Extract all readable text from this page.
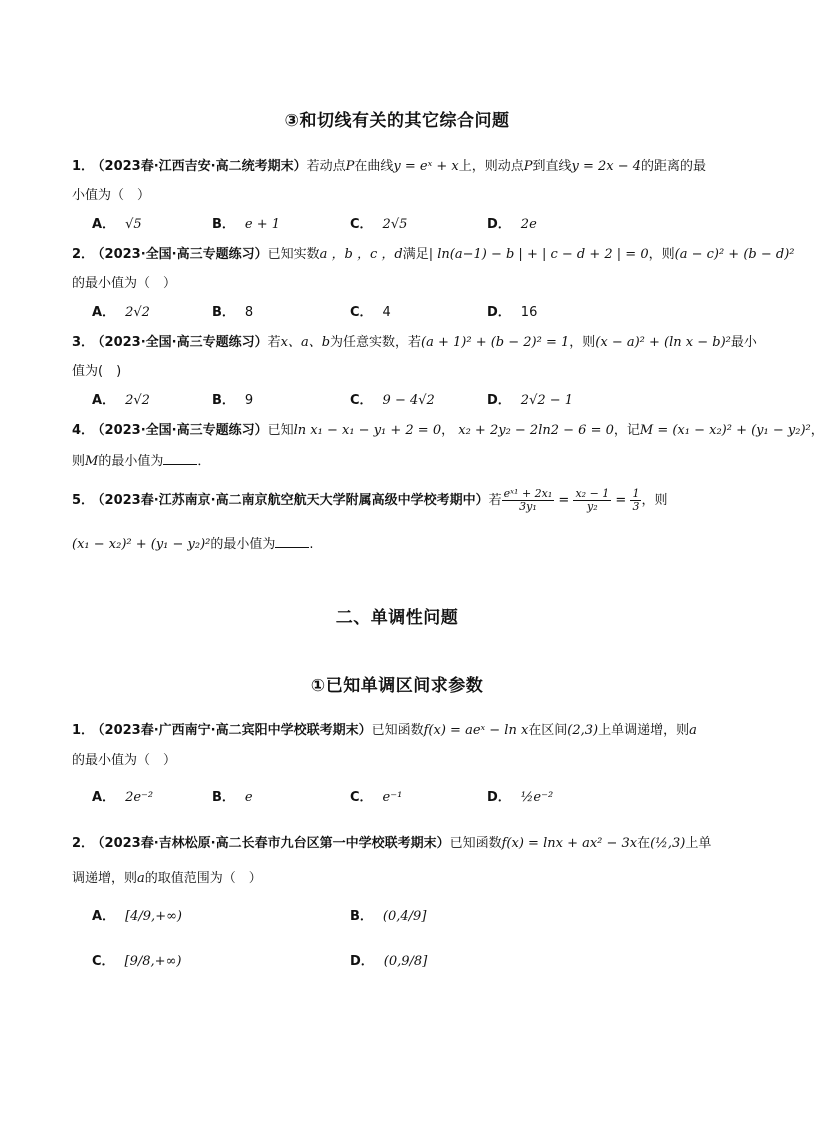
③和切线有关的其它综合问题
1． （2023春·江西吉安·高二统考期末）若动点P在曲线y = eˣ + x上，则动点P到直线y = 2x − 4的距离的最
小值为（　）
A． √5	B． e + 1	C． 2√5	D． 2e
2． （2023·全国·高三专题练习）已知实数a ，b ，c ，d满足| ln(a−1) − b | + | c − d + 2 | = 0，则(a − c)² + (b − d)²
的最小值为（　）
A． 2√2	B． 8	C． 4	D． 16
3． （2023·全国·高三专题练习）若x、a、b为任意实数，若(a + 1)² + (b − 2)² = 1，则(x − a)² + (ln x − b)²最小
值为(　)
A． 2√2	B． 9	C． 9 − 4√2	D． 2√2 − 1
4． （2023·全国·高三专题练习）已知ln x₁ − x₁ − y₁ + 2 = 0， x₂ + 2y₂ − 2ln2 − 6 = 0，记M = (x₁ − x₂)² + (y₁ − y₂)²，
则M的最小值为	．
5． （2023春·江苏南京·高二南京航空航天大学附属高级中学校考期中）若 $\frac{\text{eˣ¹ + 2x₁}}{\text{3y₁}} = \frac{\text{x₂ − 1}}{\text{y₂}} = \frac{1}{3}$ ，则
(x₁ − x₂)² + (y₁ − y₂)²的最小值为	.
二、单调性问题
①已知单调区间求参数
1． （2023春·广西南宁·高二宾阳中学校联考期末）已知函数f(x) = aeˣ − ln x在区间(2,3)上单调递增，则a
的最小值为（　）
A． 2e⁻²	B． e	C． e⁻¹	D． ½e⁻²
2． （2023春·吉林松原·高二长春市九台区第一中学校联考期末）已知函数f(x) = lnx + ax² − 3x在(½,3)上单
调递增，则a的取值范围为（　）
A． [4/9,+∞)	B． (0,4/9]
C． [9/8,+∞)	D． (0,9/8]
